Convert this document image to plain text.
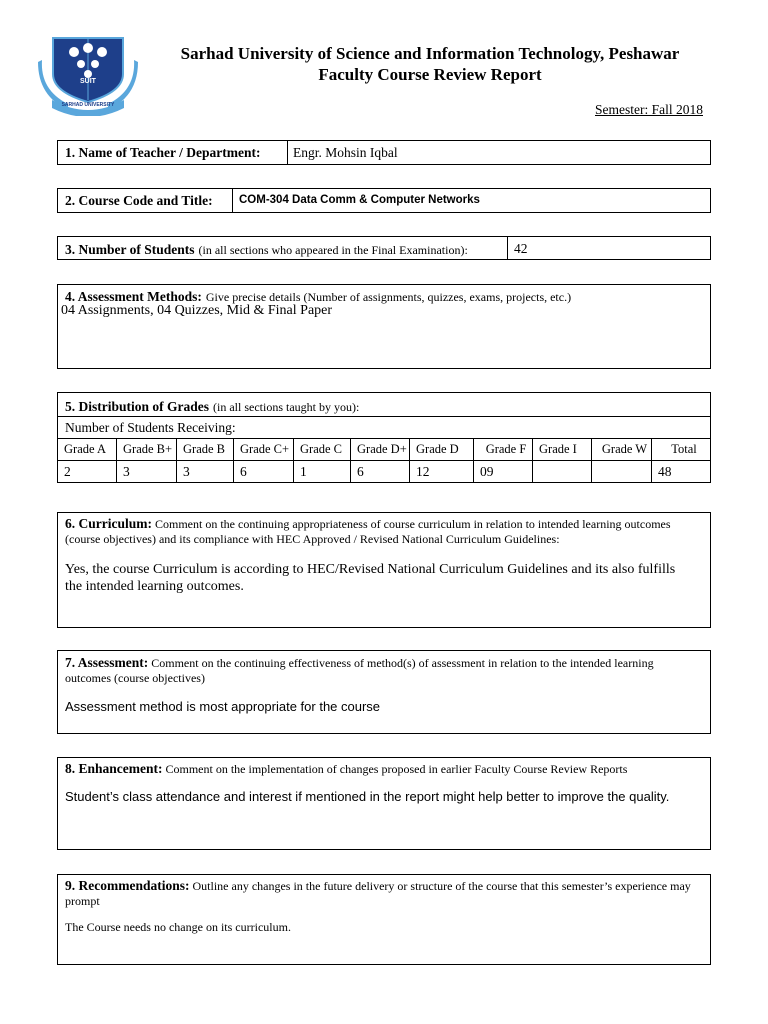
SUIT
SARHAD UNIVERSITY
Sarhad University of Science and Information Technology, Peshawar
Faculty Course Review Report
Semester: Fall 2018
1. Name of Teacher / Department: Engr. Mohsin Iqbal
2. Course Code and Title: COM-304 Data Comm & Computer Networks
3. Number of Students (in all sections who appeared in the Final Examination):	42
4. Assessment Methods: Give precise details (Number of assignments, quizzes, exams, projects, etc.)
04 Assignments, 04 Quizzes, Mid & Final Paper
5. Distribution of Grades (in all sections taught by you):
Number of Students Receiving:
Grade A	Grade B+	Grade B	Grade C+	Grade C	Grade D+	Grade D	Grade F	Grade I	Grade W	Total
2	3	3	6	1	6	12	09			48
6. Curriculum: Comment on the continuing appropriateness of course curriculum in relation to intended learning outcomes (course objectives) and its compliance with HEC Approved / Revised National Curriculum Guidelines:
Yes, the course Curriculum is according to HEC/Revised National Curriculum Guidelines and its also fulfills the intended learning outcomes.
7. Assessment: Comment on the continuing effectiveness of method(s) of assessment in relation to the intended learning outcomes (course objectives)
Assessment method is most appropriate for the course
8. Enhancement: Comment on the implementation of changes proposed in earlier Faculty Course Review Reports
Student’s class attendance and interest if mentioned in the report might help better to improve the quality.
9. Recommendations: Outline any changes in the future delivery or structure of the course that this semester’s experience may prompt
The Course needs no change on its curriculum.
